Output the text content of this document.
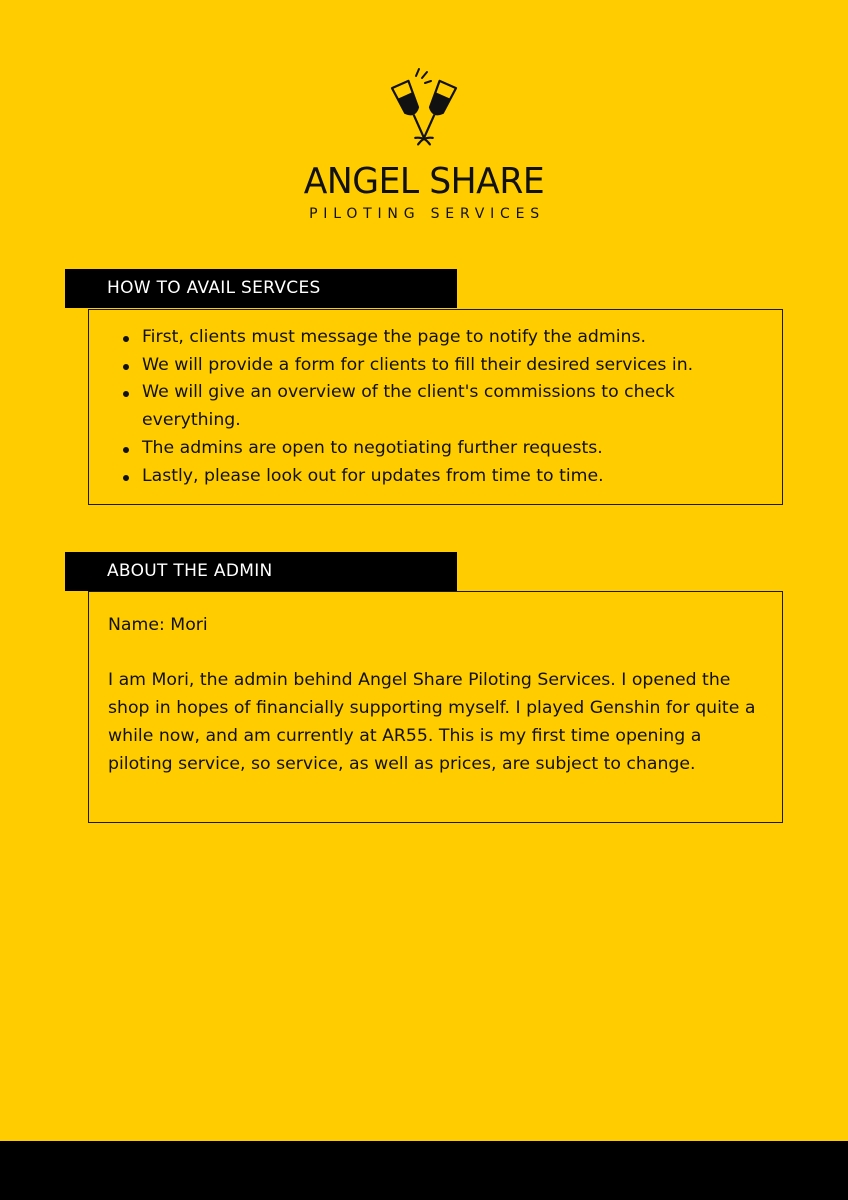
ANGEL SHARE
PILOTING SERVICES
HOW TO AVAIL SERVCES
First, clients must message the page to notify the admins.
We will provide a form for clients to fill their desired services in.
We will give an overview of the client's commissions to check everything.
The admins are open to negotiating further requests.
Lastly, please look out for updates from time to time.
ABOUT THE ADMIN

Name: Mori

I am Mori, the admin behind Angel Share Piloting Services. I opened the shop in hopes of financially supporting myself. I played Genshin for quite a while now, and am currently at AR55. This is my first time opening a piloting service, so service, as well as prices, are subject to change.
